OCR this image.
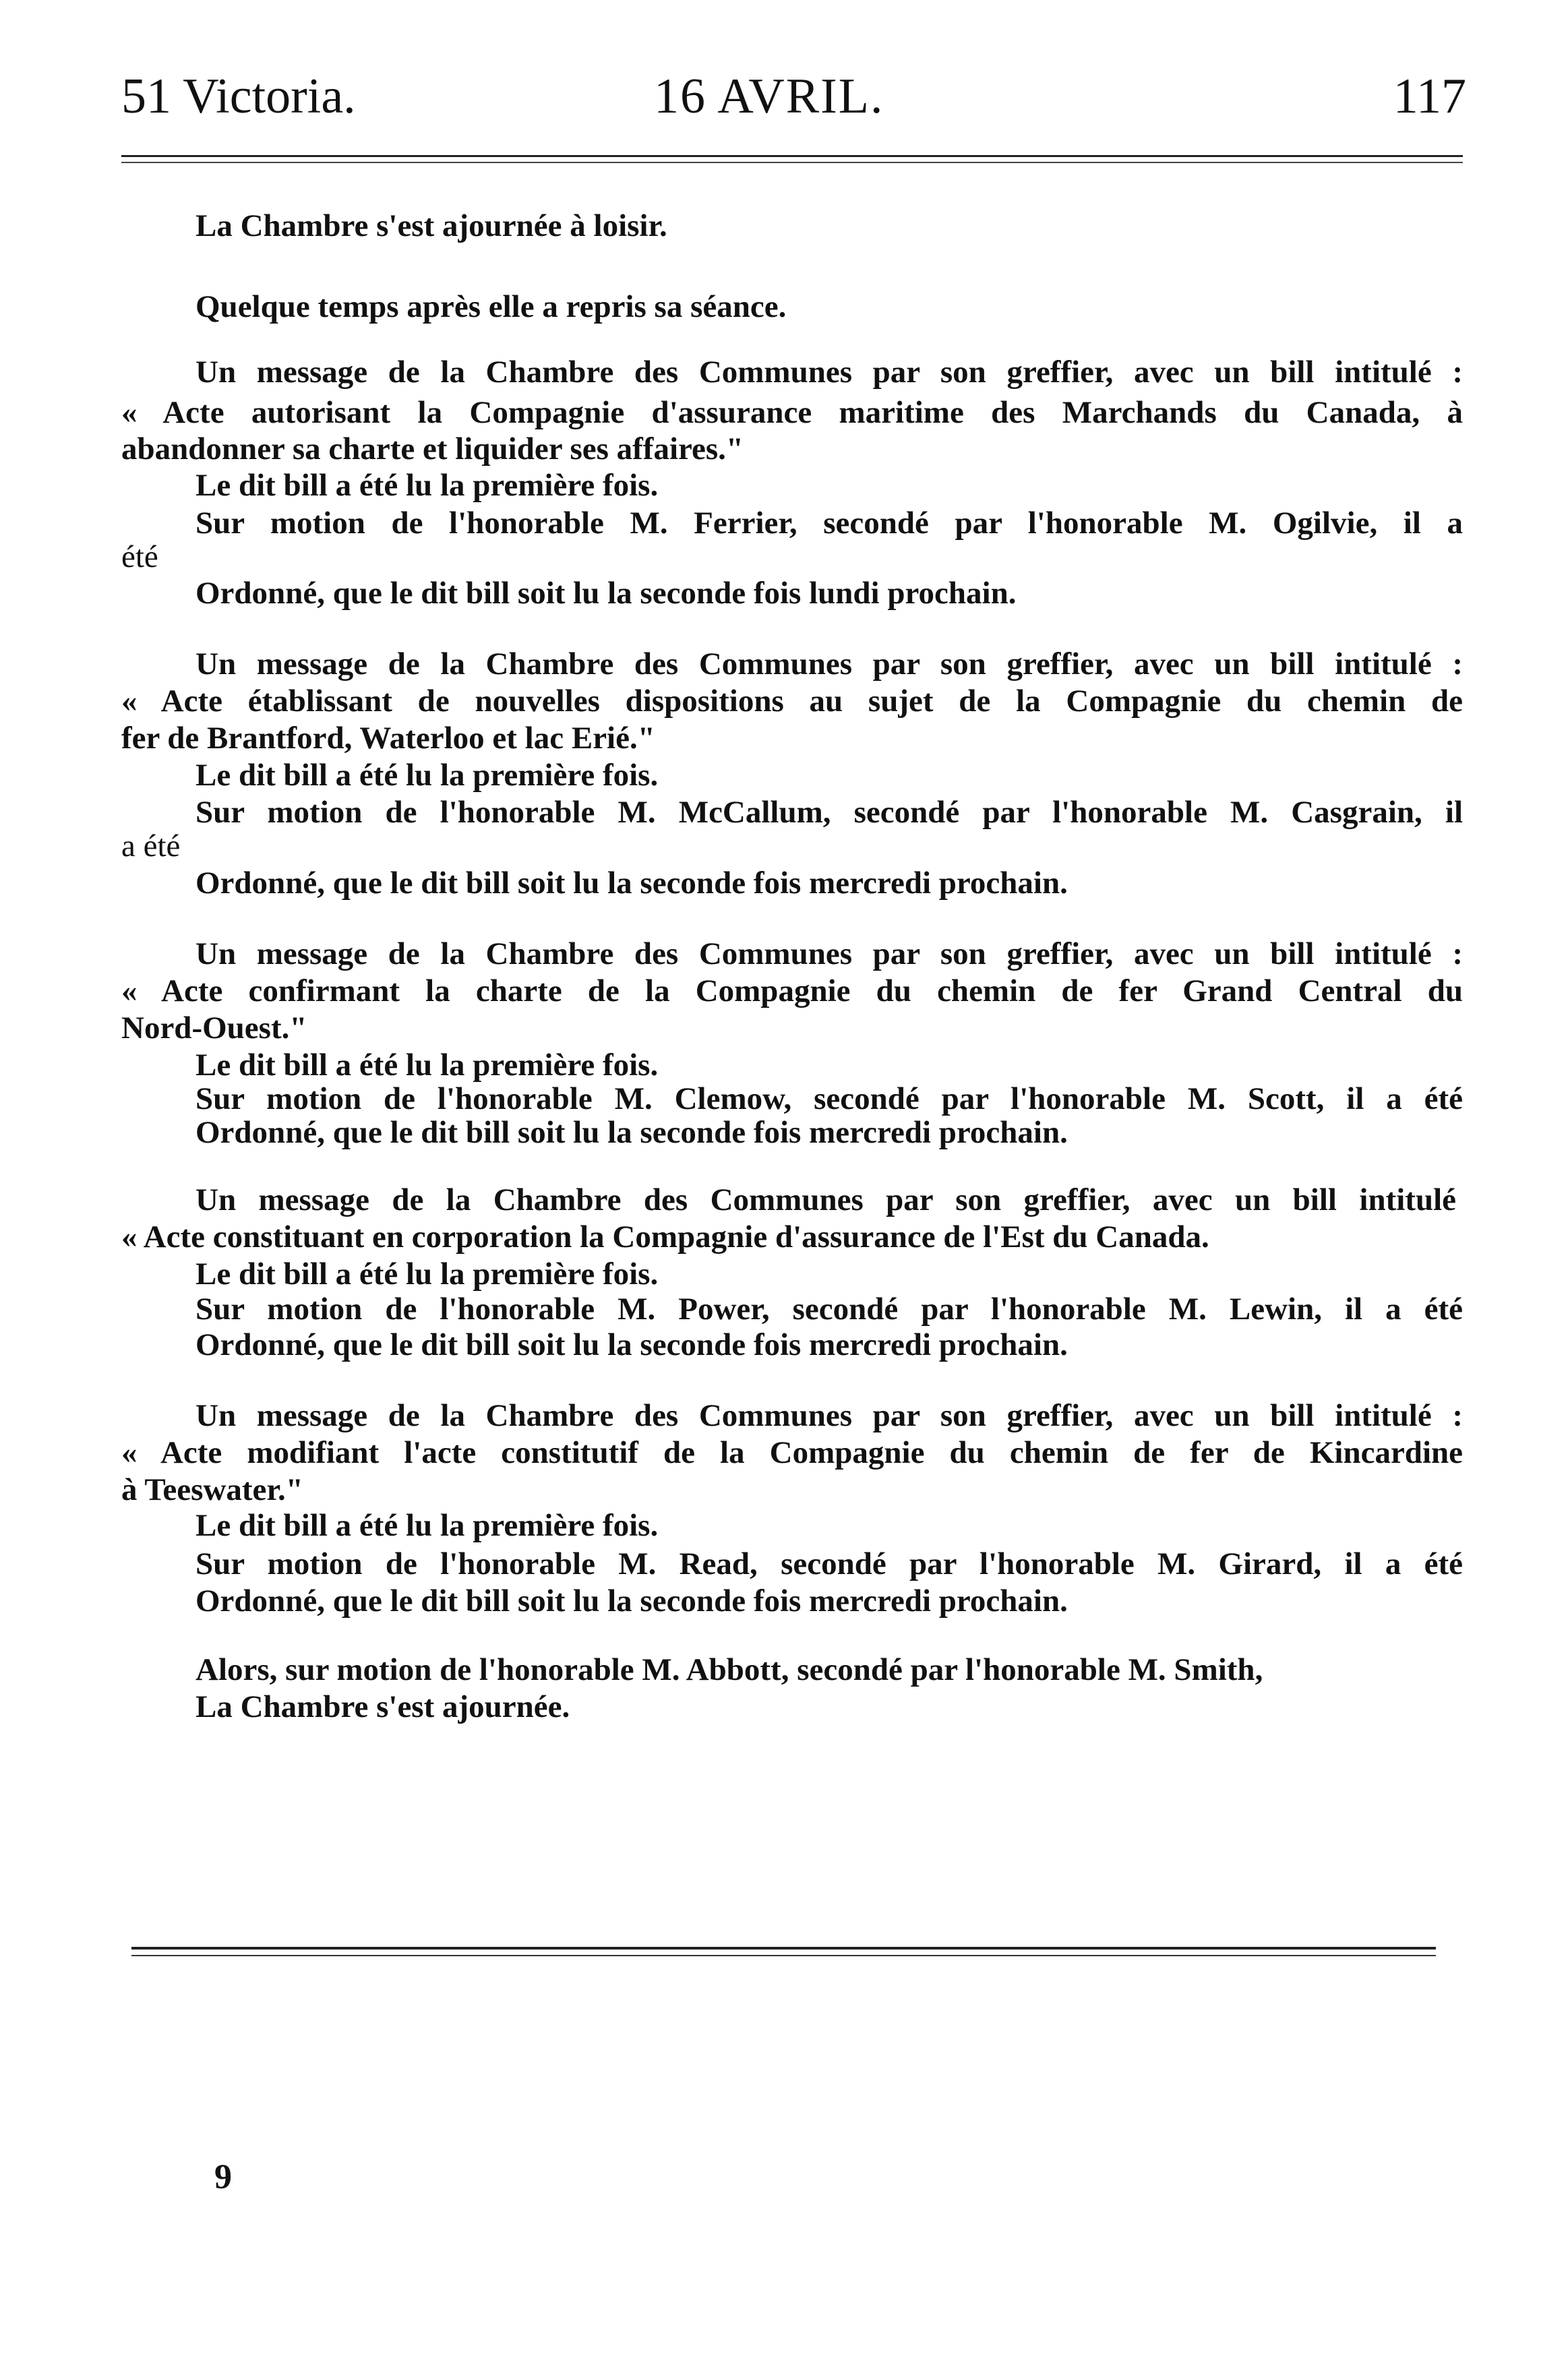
51 Victoria.	16 AVRIL.	117
La Chambre s'est ajournée à loisir.
Quelque temps après elle a repris sa séance.
Un message de la Chambre des Communes par son greffier, avec un bill intitulé :
« Acte autorisant la Compagnie d'assurance maritime des Marchands du Canada, à
abandonner sa charte et liquider ses affaires."
Le dit bill a été lu la première fois.
Sur motion de l'honorable M. Ferrier, secondé par l'honorable M. Ogilvie, il a
été
Ordonné, que le dit bill soit lu la seconde fois lundi prochain.
Un message de la Chambre des Communes par son greffier, avec un bill intitulé :
« Acte établissant de nouvelles dispositions au sujet de la Compagnie du chemin de
fer de Brantford, Waterloo et lac Erié."
Le dit bill a été lu la première fois.
Sur motion de l'honorable M. McCallum, secondé par l'honorable M. Casgrain, il
a été
Ordonné, que le dit bill soit lu la seconde fois mercredi prochain.
Un message de la Chambre des Communes par son greffier, avec un bill intitulé :
« Acte confirmant la charte de la Compagnie du chemin de fer Grand Central du
Nord-Ouest."
Le dit bill a été lu la première fois.
Sur motion de l'honorable M. Clemow, secondé par l'honorable M. Scott, il a été
Ordonné, que le dit bill soit lu la seconde fois mercredi prochain.
Un message de la Chambre des Communes par son greffier, avec un bill intitulé
« Acte constituant en corporation la Compagnie d'assurance de l'Est du Canada.
Le dit bill a été lu la première fois.
Sur motion de l'honorable M. Power, secondé par l'honorable M. Lewin, il a été
Ordonné, que le dit bill soit lu la seconde fois mercredi prochain.
Un message de la Chambre des Communes par son greffier, avec un bill intitulé :
« Acte modifiant l'acte constitutif de la Compagnie du chemin de fer de Kincardine
à Teeswater."
Le dit bill a été lu la première fois.
Sur motion de l'honorable M. Read, secondé par l'honorable M. Girard, il a été
Ordonné, que le dit bill soit lu la seconde fois mercredi prochain.
Alors, sur motion de l'honorable M. Abbott, secondé par l'honorable M. Smith,
La Chambre s'est ajournée.
9
